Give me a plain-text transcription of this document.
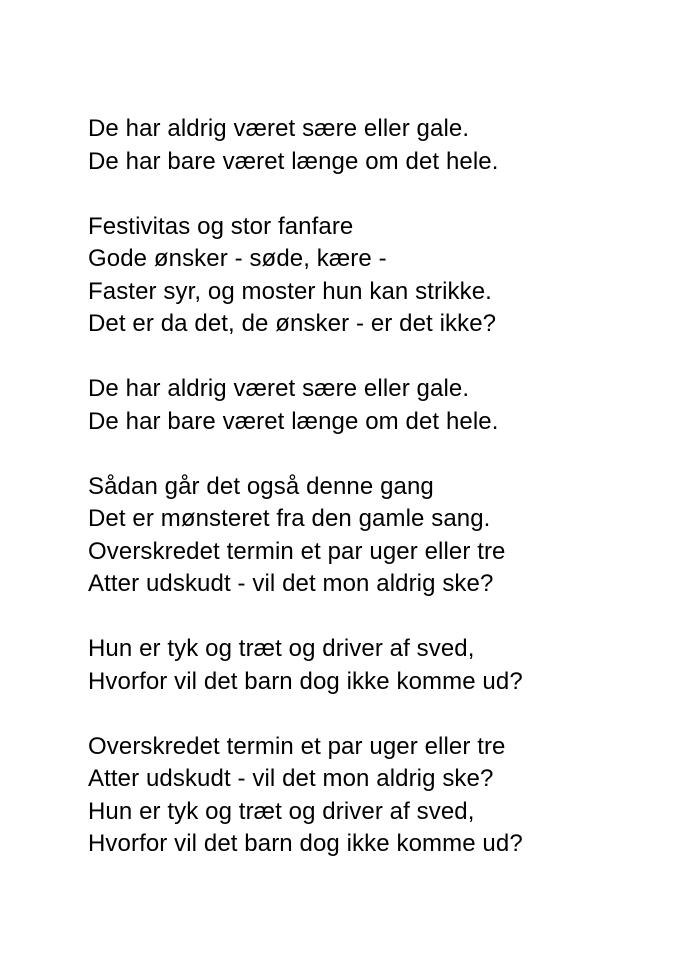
De har aldrig været sære eller gale.
De har bare været længe om det hele.
Festivitas og stor fanfare
Gode ønsker - søde, kære -
Faster syr, og moster hun kan strikke.
Det er da det, de ønsker - er det ikke?
De har aldrig været sære eller gale.
De har bare været længe om det hele.
Sådan går det også denne gang
Det er mønsteret fra den gamle sang.
Overskredet termin et par uger eller tre
Atter udskudt - vil det mon aldrig ske?
Hun er tyk og træt og driver af sved,
Hvorfor vil det barn dog ikke komme ud?
Overskredet termin et par uger eller tre
Atter udskudt - vil det mon aldrig ske?
Hun er tyk og træt og driver af sved,
Hvorfor vil det barn dog ikke komme ud?
